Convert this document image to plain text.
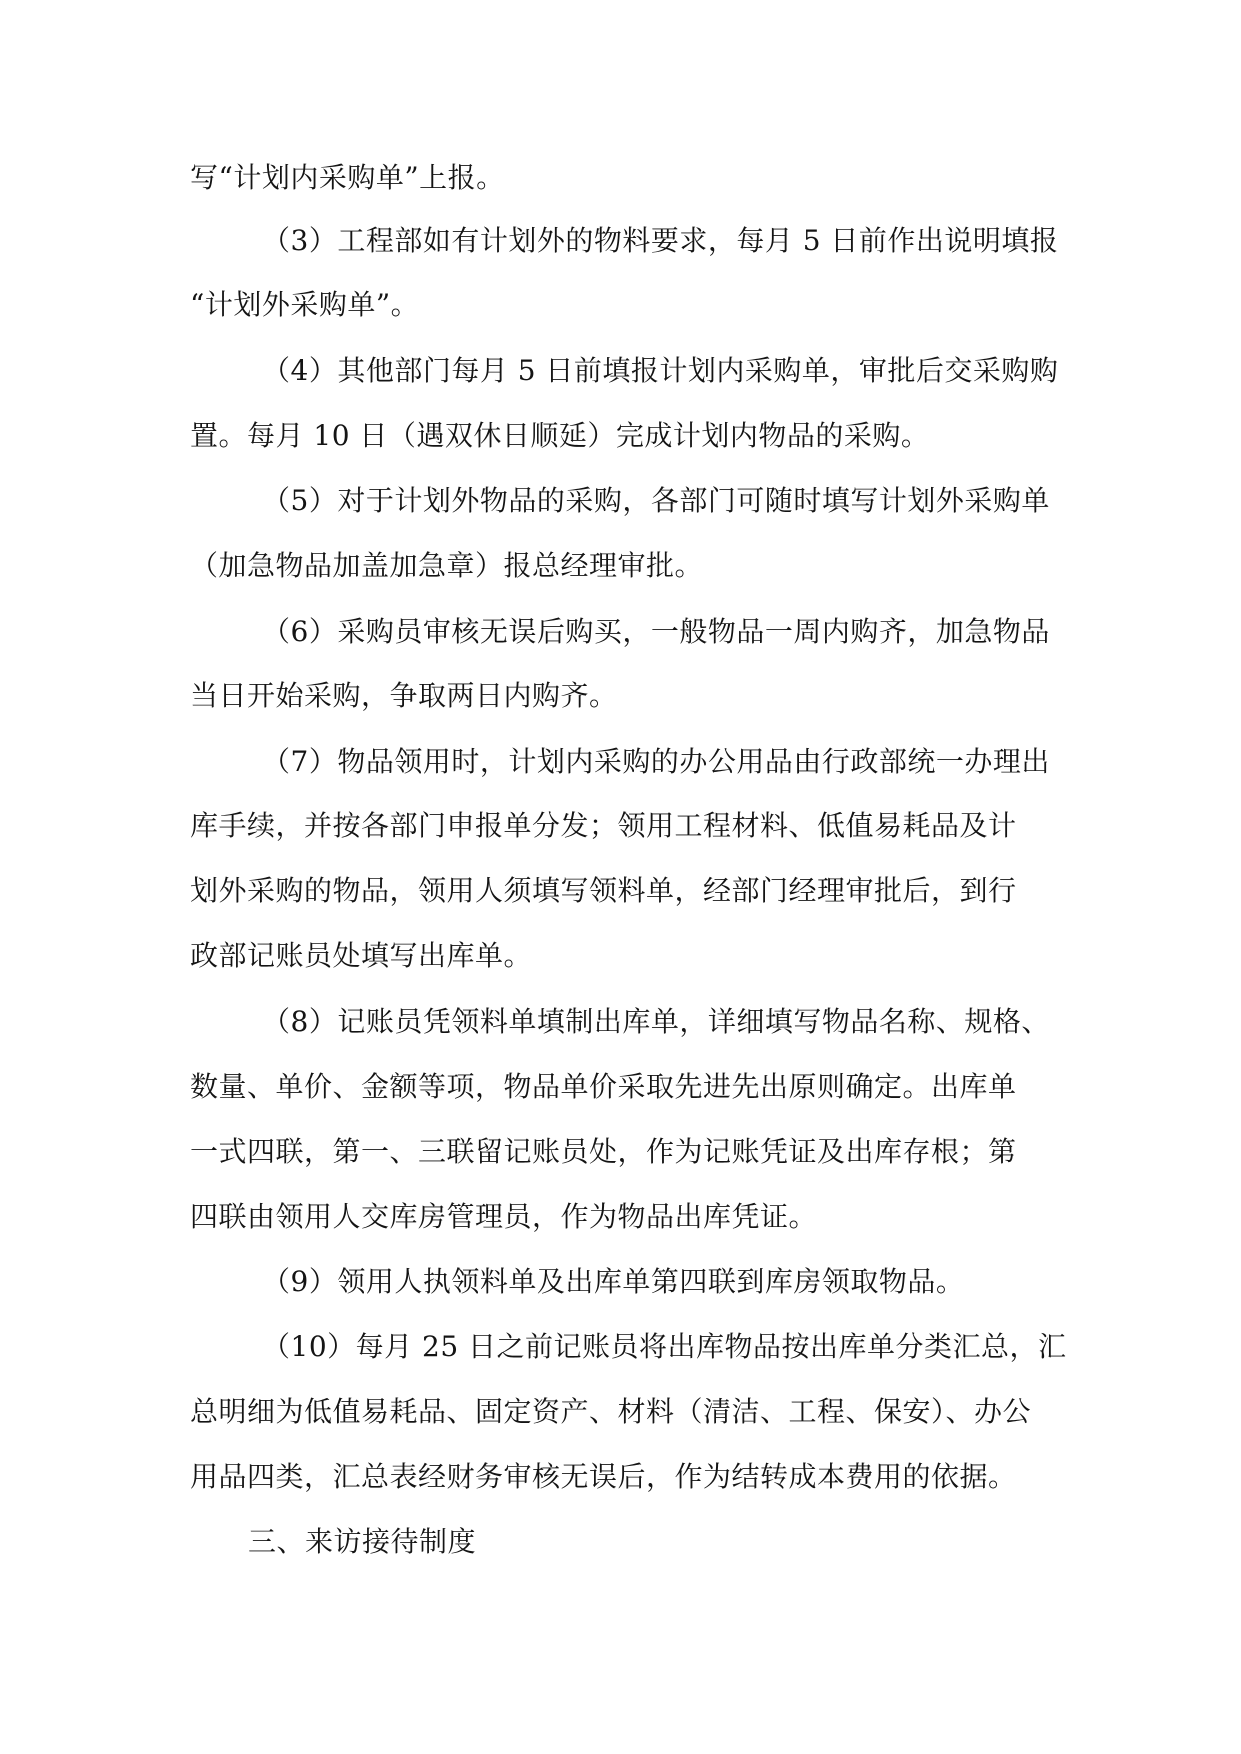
写“计划内采购单”上报。

（3）工程部如有计划外的物料要求，每月 5 日前作出说明填报

“计划外采购单”。

（4）其他部门每月 5 日前填报计划内采购单，审批后交采购购

置。每月 10 日（遇双休日顺延）完成计划内物品的采购。

（5）对于计划外物品的采购，各部门可随时填写计划外采购单

（加急物品加盖加急章）报总经理审批。

（6）采购员审核无误后购买，一般物品一周内购齐，加急物品

当日开始采购，争取两日内购齐。

（7）物品领用时，计划内采购的办公用品由行政部统一办理出

库手续，并按各部门申报单分发；领用工程材料、低值易耗品及计

划外采购的物品，领用人须填写领料单，经部门经理审批后，到行

政部记账员处填写出库单。

（8）记账员凭领料单填制出库单，详细填写物品名称、规格、

数量、单价、金额等项，物品单价采取先进先出原则确定。出库单

一式四联，第一、三联留记账员处，作为记账凭证及出库存根；第

四联由领用人交库房管理员，作为物品出库凭证。

（9）领用人执领料单及出库单第四联到库房领取物品。

（10）每月 25 日之前记账员将出库物品按出库单分类汇总，汇

总明细为低值易耗品、固定资产、材料（清洁、工程、保安）、办公

用品四类，汇总表经财务审核无误后，作为结转成本费用的依据。

三、来访接待制度
